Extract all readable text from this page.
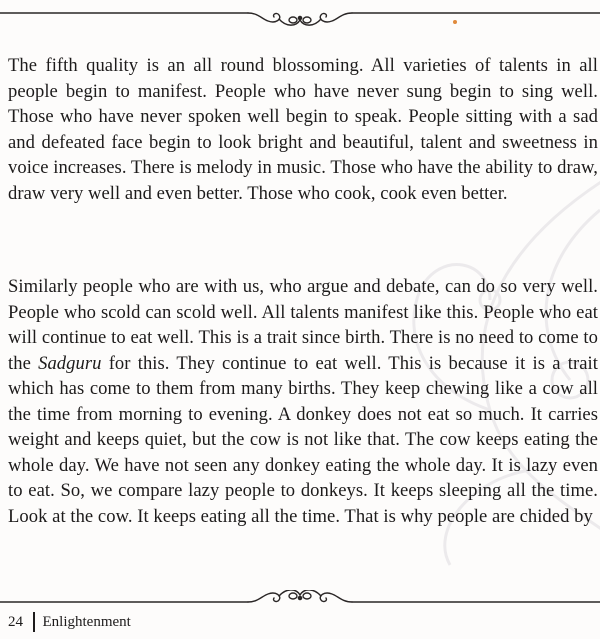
The fifth quality is an all round blossoming. All varieties of talents in all people begin to manifest. People who have never sung begin to sing well. Those who have never spoken well begin to speak. People sitting with a sad and defeated face begin to look bright and beautiful, talent and sweetness in voice increases. There is melody in music. Those who have the ability to draw, draw very well and even better. Those who cook, cook even better.

Similarly people who are with us, who argue and debate, can do so very well. People who scold can scold well. All talents manifest like this. People who eat will continue to eat well. This is a trait since birth. There is no need to come to the Sadguru for this. They continue to eat well. This is because it is a trait which has come to them from many births. They keep chewing like a cow all the time from morning to evening. A donkey does not eat so much. It carries weight and keeps quiet, but the cow is not like that. The cow keeps eating the whole day. We have not seen any donkey eating the whole day. It is lazy even to eat. So, we compare lazy people to donkeys. It keeps sleeping all the time. Look at the cow. It keeps eating all the time. That is why people are chided by

24 Enlightenment
